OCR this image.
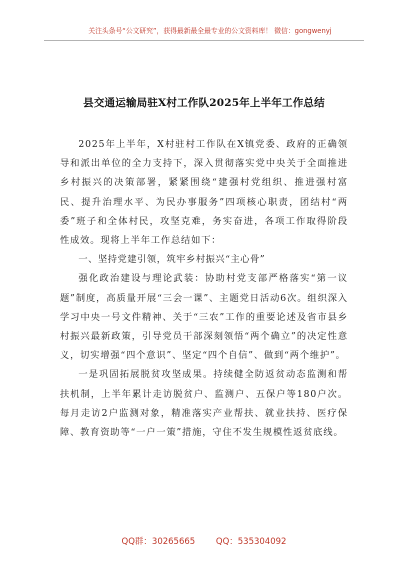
关注头条号“公文研究”，获得最新最全最专业的公文资料库！ 微信：gongwenyj
县交通运输局驻X村工作队2025年上半年工作总结

2025年上半年，X村驻村工作队在X镇党委、政府的正确领导和派出单位的全力支持下，深入贯彻落实党中央关于全面推进乡村振兴的决策部署，紧紧围绕“建强村党组织、推进强村富民、提升治理水平、为民办事服务”四项核心职责，团结村“两委”班子和全体村民，攻坚克难，务实奋进，各项工作取得阶段性成效。现将上半年工作总结如下：

一、坚持党建引领，筑牢乡村振兴“主心骨”

强化政治建设与理论武装：协助村党支部严格落实“第一议题”制度，高质量开展“三会一课”、主题党日活动6次。组织深入学习中央一号文件精神、关于“三农”工作的重要论述及省市县乡村振兴最新政策，引导党员干部深刻领悟“两个确立”的决定性意义，切实增强“四个意识”、坚定“四个自信”、做到“两个维护”。

一是巩固拓展脱贫攻坚成果。持续健全防返贫动态监测和帮扶机制，上半年累计走访脱贫户、监测户、五保户等180户次。每月走访2户监测对象，精准落实产业帮扶、就业扶持、医疗保障、教育资助等“一户一策”措施，守住不发生规模性返贫底线。

QQ群：30265665 QQ：535304092
